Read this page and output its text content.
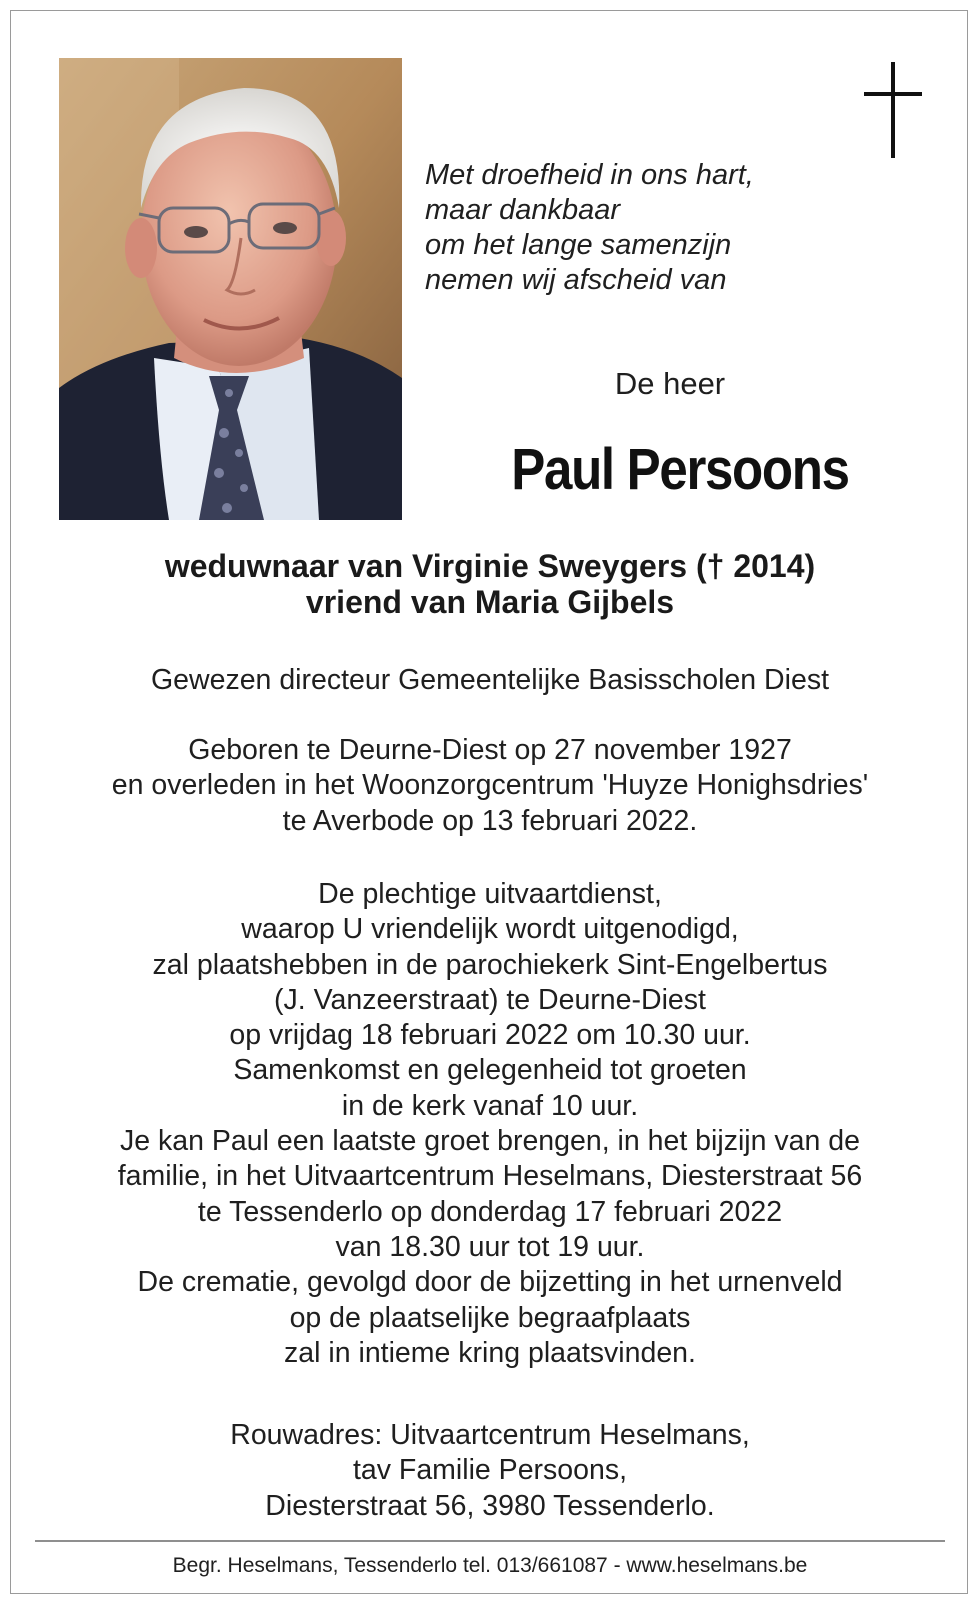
Met droefheid in ons hart,
maar dankbaar
om het lange samenzijn
nemen wij afscheid van
De heer
Paul Persoons
weduwnaar van Virginie Sweygers († 2014)
vriend van Maria Gijbels
Gewezen directeur Gemeentelijke Basisscholen Diest
Geboren te Deurne-Diest op 27 november 1927
en overleden in het Woonzorgcentrum 'Huyze Honighsdries'
te Averbode op 13 februari 2022.
De plechtige uitvaartdienst,
waarop U vriendelijk wordt uitgenodigd,
zal plaatshebben in de parochiekerk Sint-Engelbertus
(J. Vanzeerstraat) te Deurne-Diest
op vrijdag 18 februari 2022 om 10.30 uur.
Samenkomst en gelegenheid tot groeten
in de kerk vanaf 10 uur.
Je kan Paul een laatste groet brengen, in het bijzijn van de
familie, in het Uitvaartcentrum Heselmans, Diesterstraat 56
te Tessenderlo op donderdag 17 februari 2022
van 18.30 uur tot 19 uur.
De crematie, gevolgd door de bijzetting in het urnenveld
op de plaatselijke begraafplaats
zal in intieme kring plaatsvinden.
Rouwadres: Uitvaartcentrum Heselmans,
tav Familie Persoons,
Diesterstraat 56, 3980 Tessenderlo.
Begr. Heselmans, Tessenderlo tel. 013/661087 - www.heselmans.be
